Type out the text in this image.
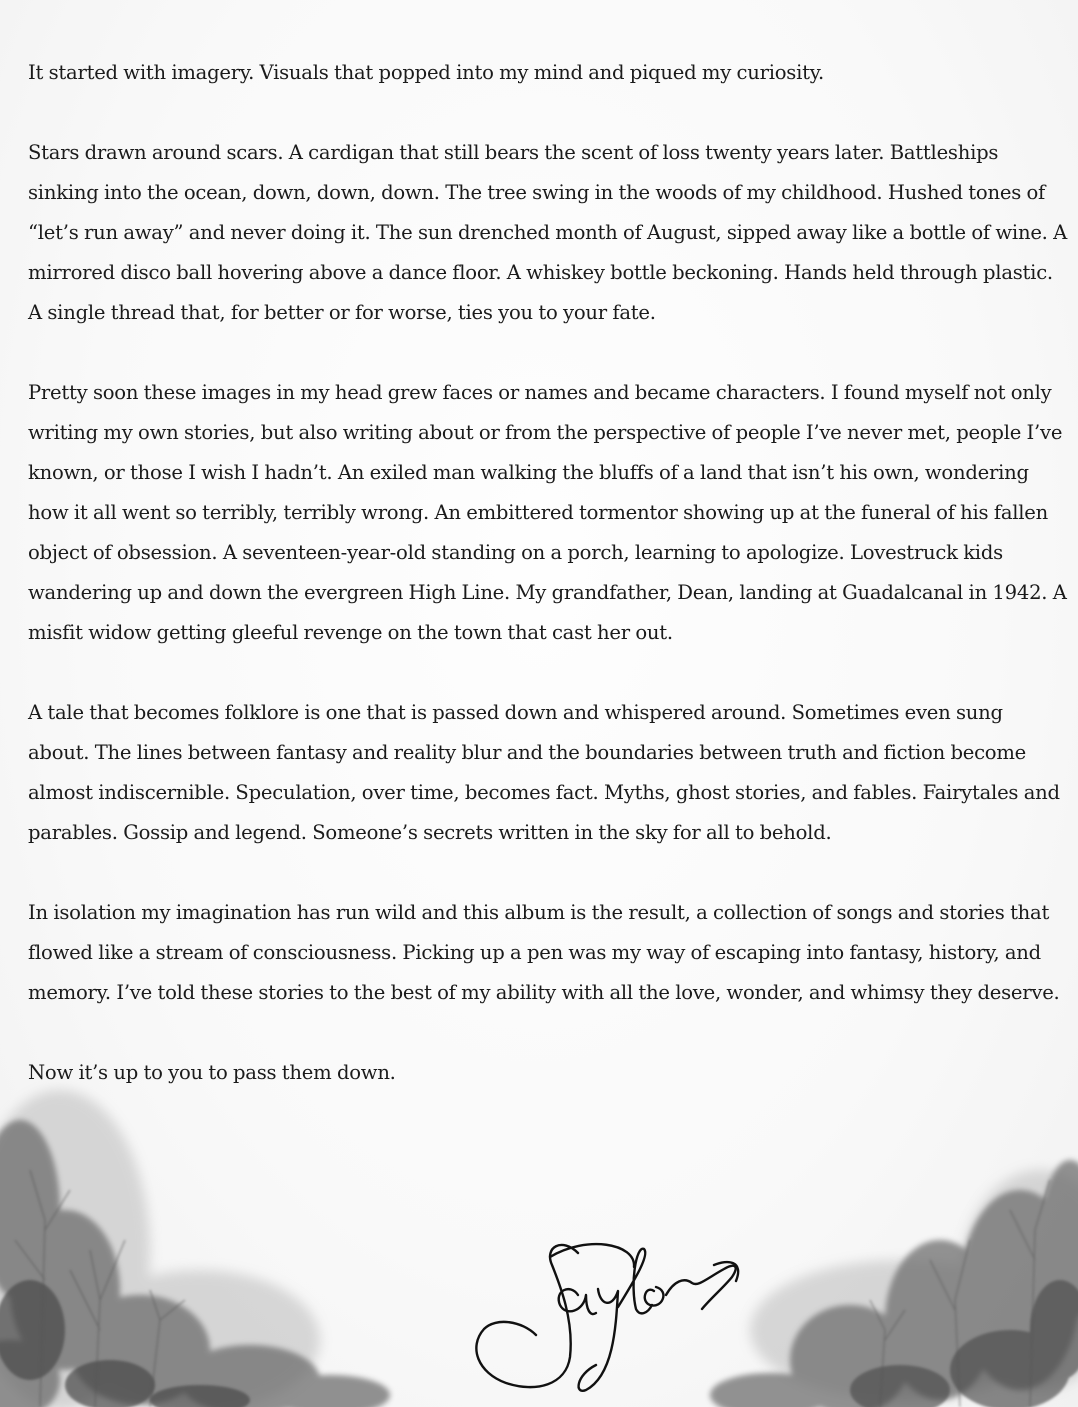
It started with imagery. Visuals that popped into my mind and piqued my curiosity.

Stars drawn around scars. A cardigan that still bears the scent of loss twenty years later. Battleships sinking into the ocean, down, down, down. The tree swing in the woods of my childhood. Hushed tones of “let’s run away” and never doing it. The sun drenched month of August, sipped away like a bottle of wine. A mirrored disco ball hovering above a dance floor. A whiskey bottle beckoning. Hands held through plastic. A single thread that, for better or for worse, ties you to your fate.

Pretty soon these images in my head grew faces or names and became characters. I found myself not only writing my own stories, but also writing about or from the perspective of people I’ve never met, people I’ve known, or those I wish I hadn’t. An exiled man walking the bluffs of a land that isn’t his own, wondering how it all went so terribly, terribly wrong. An embittered tormentor showing up at the funeral of his fallen object of obsession. A seventeen-year-old standing on a porch, learning to apologize. Lovestruck kids wandering up and down the evergreen High Line. My grandfather, Dean, landing at Guadalcanal in 1942. A misfit widow getting gleeful revenge on the town that cast her out.

A tale that becomes folklore is one that is passed down and whispered around. Sometimes even sung about. The lines between fantasy and reality blur and the boundaries between truth and fiction become almost indiscernible. Speculation, over time, becomes fact. Myths, ghost stories, and fables. Fairytales and parables. Gossip and legend. Someone’s secrets written in the sky for all to behold.

In isolation my imagination has run wild and this album is the result, a collection of songs and stories that flowed like a stream of consciousness. Picking up a pen was my way of escaping into fantasy, history, and memory. I’ve told these stories to the best of my ability with all the love, wonder, and whimsy they deserve.

Now it’s up to you to pass them down.
